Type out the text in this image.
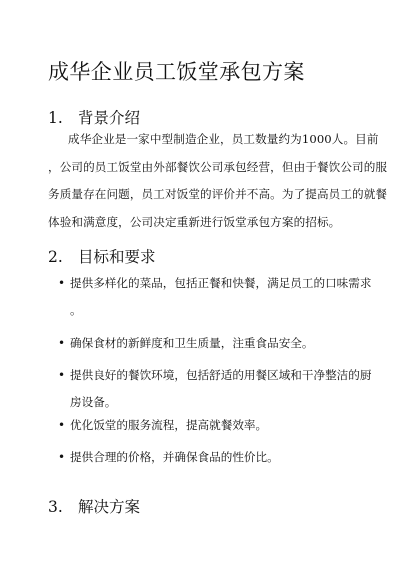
成华企业员工饭堂承包方案
1. 背景介绍
成华企业是一家中型制造企业，员工数量约为1000人。目前
，公司的员工饭堂由外部餐饮公司承包经营，但由于餐饮公司的服
务质量存在问题，员工对饭堂的评价并不高。为了提高员工的就餐
体验和满意度，公司决定重新进行饭堂承包方案的招标。
2. 目标和要求
• 提供多样化的菜品，包括正餐和快餐，满足员工的口味需求
。
• 确保食材的新鲜度和卫生质量，注重食品安全。
• 提供良好的餐饮环境，包括舒适的用餐区域和干净整洁的厨
房设备。
• 优化饭堂的服务流程，提高就餐效率。
• 提供合理的价格，并确保食品的性价比。
3. 解决方案
